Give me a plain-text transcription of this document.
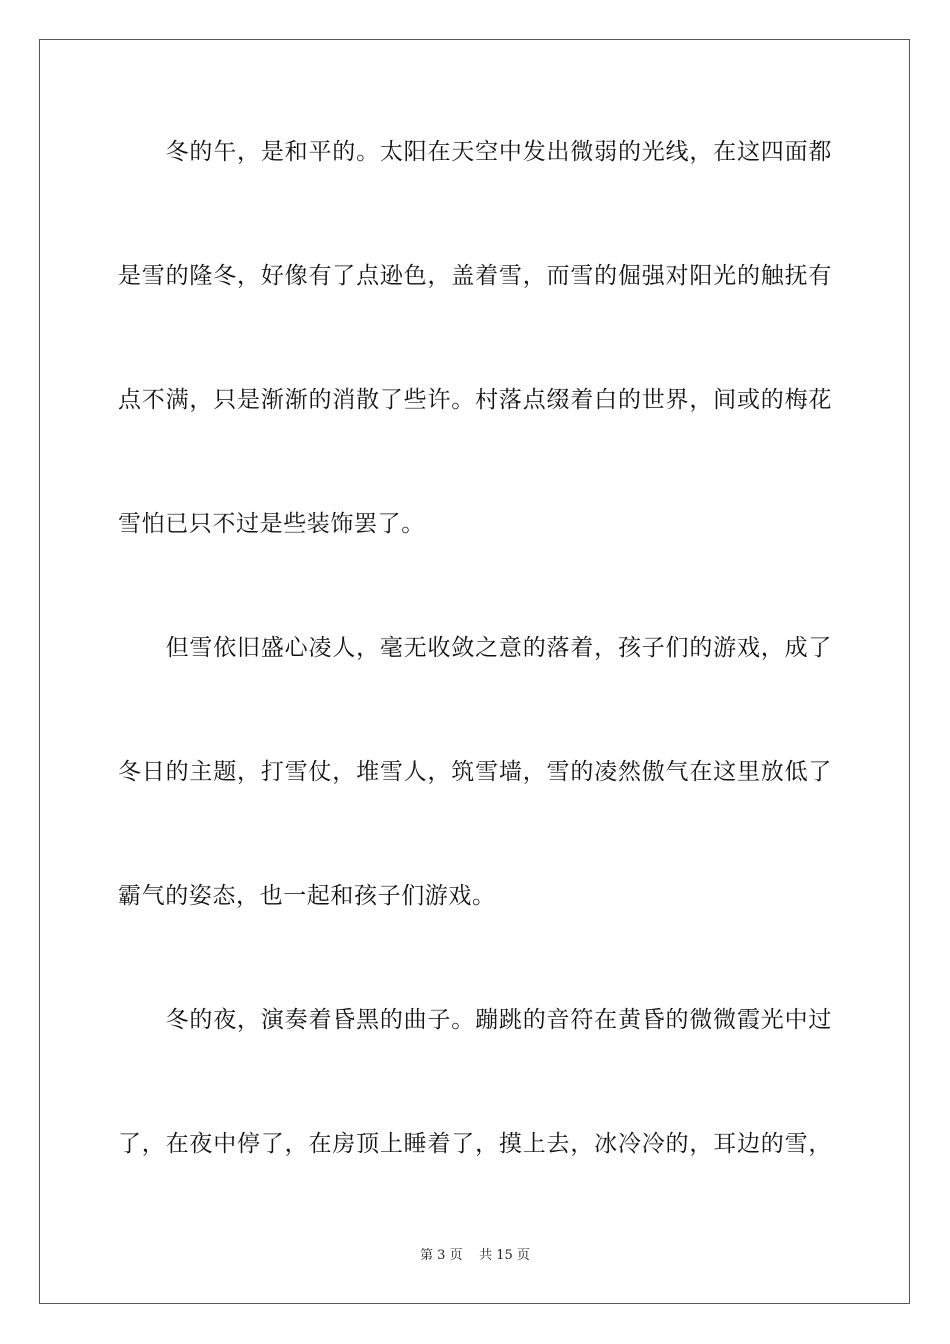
　　冬的午，是和平的。太阳在天空中发出微弱的光线，在这四面都
是雪的隆冬，好像有了点逊色，盖着雪，而雪的倔强对阳光的触抚有
点不满，只是渐渐的消散了些许。村落点缀着白的世界，间或的梅花
雪怕已只不过是些装饰罢了。
　　但雪依旧盛心凌人，毫无收敛之意的落着，孩子们的游戏，成了
冬日的主题，打雪仗，堆雪人，筑雪墙，雪的凌然傲气在这里放低了
霸气的姿态，也一起和孩子们游戏。
　　冬的夜，演奏着昏黑的曲子。蹦跳的音符在黄昏的微微霞光中过
了，在夜中停了，在房顶上睡着了，摸上去，冰冷冷的，耳边的雪，
第 3 页 共 15 页
